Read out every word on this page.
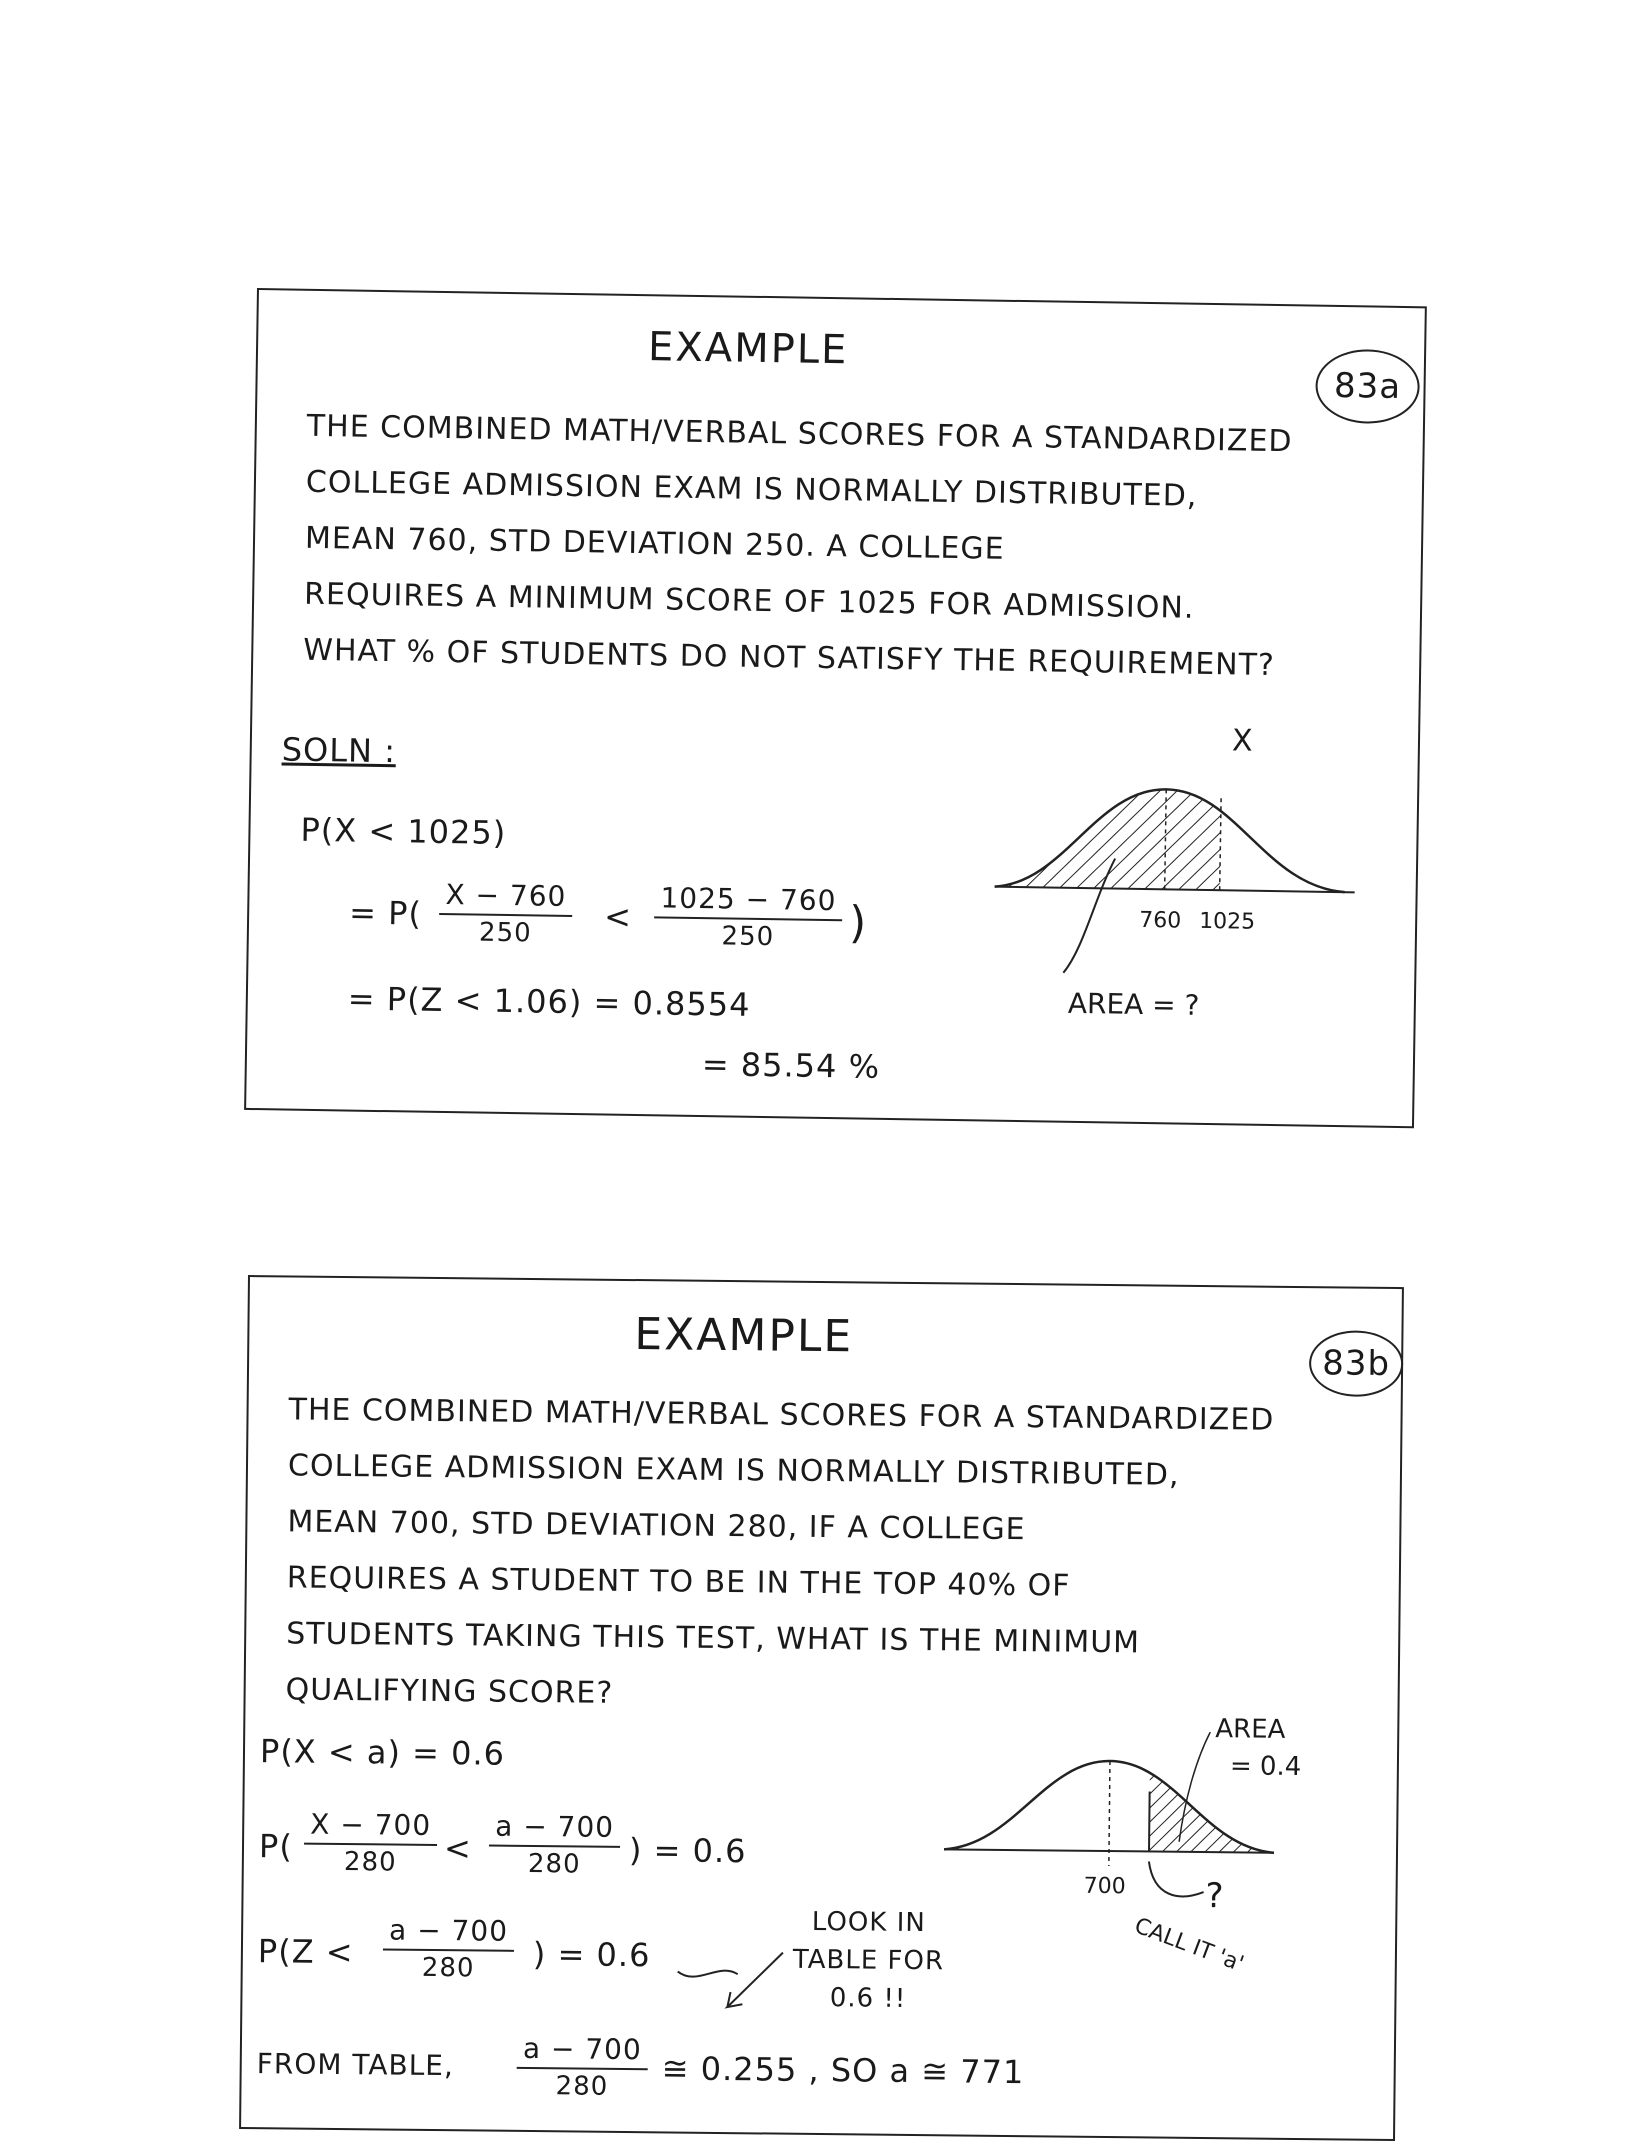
EXAMPLE
83a
THE COMBINED MATH/VERBAL SCORES FOR A STANDARDIZED
COLLEGE ADMISSION EXAM IS NORMALLY DISTRIBUTED,
MEAN 760, STD DEVIATION 250. A COLLEGE
REQUIRES A MINIMUM SCORE OF 1025 FOR ADMISSION.
WHAT % OF STUDENTS DO NOT SATISFY THE REQUIREMENT?
SOLN :
P(X < 1025)
= $P( \frac{X - 760}{250} < \frac{1025 - 760}{250}$ )
= P(Z < 1.06) = 0.8554
= 85.54 %
X
760 1025
AREA = ?
EXAMPLE
83b
THE COMBINED MATH/VERBAL SCORES FOR A STANDARDIZED
COLLEGE ADMISSION EXAM IS NORMALLY DISTRIBUTED,
MEAN 700, STD DEVIATION 280, IF A COLLEGE
REQUIRES A STUDENT TO BE IN THE TOP 40% OF
STUDENTS TAKING THIS TEST, WHAT IS THE MINIMUM
QUALIFYING SCORE?
P(X < a) = 0.6
$P( \frac{X - 700}{280} < \frac{a - 700}{280}$ ) = 0.6
$P(Z < \frac{a - 700}{280}$ ) = 0.6
LOOK IN
TABLE FOR
0.6 !!
FROM TABLE, $\frac{a - 700}{280}$ ≅ 0.255 , SO a ≅ 771
AREA
= 0.4
700 ?
CALL IT 'a'
